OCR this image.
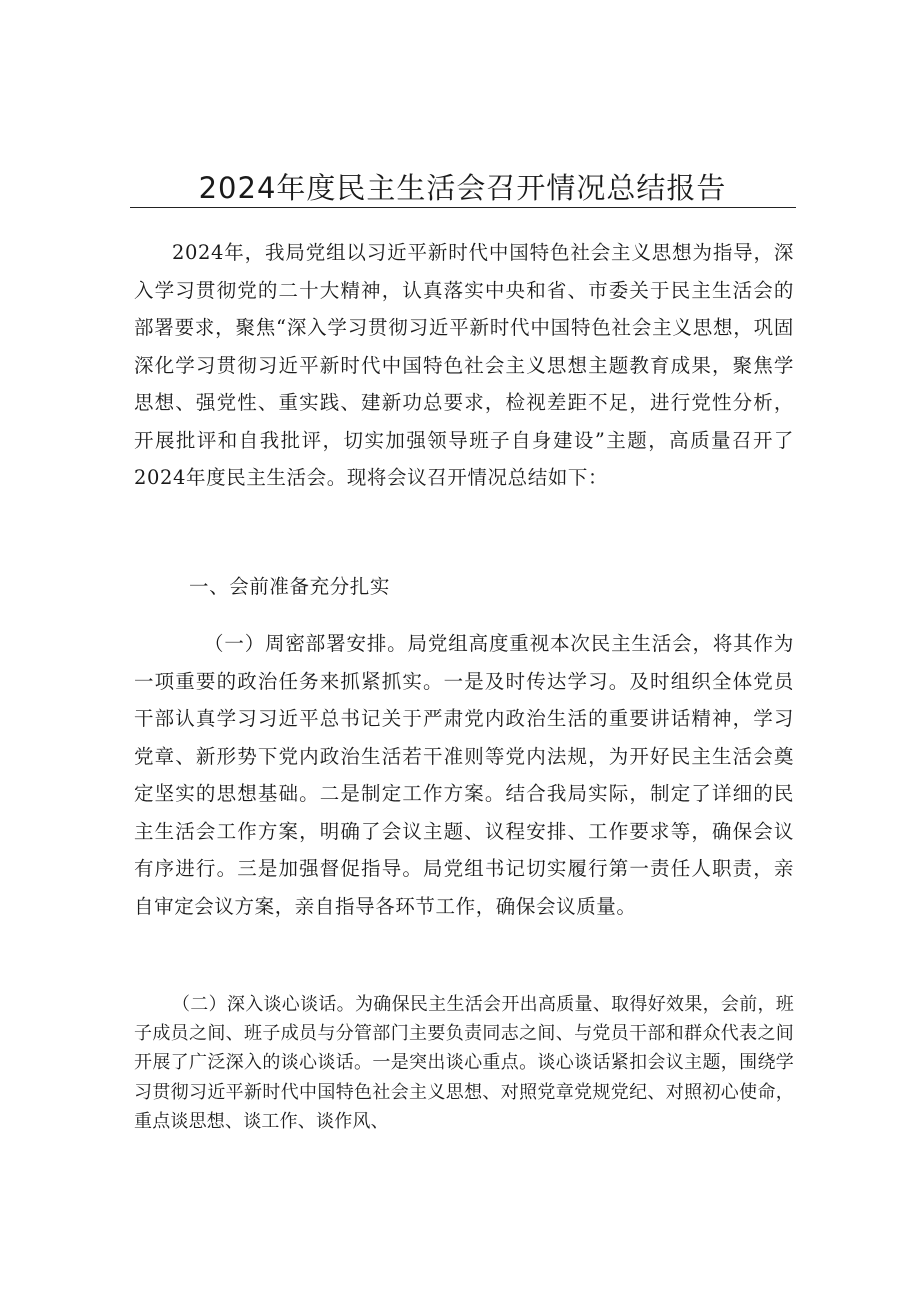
2024年度民主生活会召开情况总结报告

2024年，我局党组以习近平新时代中国特色社会主义思想为指导，深入学习贯彻党的二十大精神，认真落实中央和省、市委关于民主生活会的部署要求，聚焦“深入学习贯彻习近平新时代中国特色社会主义思想，巩固深化学习贯彻习近平新时代中国特色社会主义思想主题教育成果，聚焦学思想、强党性、重实践、建新功总要求，检视差距不足，进行党性分析，开展批评和自我批评，切实加强领导班子自身建设”主题，高质量召开了2024年度民主生活会。现将会议召开情况总结如下：

一、会前准备充分扎实

（一）周密部署安排。局党组高度重视本次民主生活会，将其作为一项重要的政治任务来抓紧抓实。一是及时传达学习。及时组织全体党员干部认真学习习近平总书记关于严肃党内政治生活的重要讲话精神，学习党章、新形势下党内政治生活若干准则等党内法规，为开好民主生活会奠定坚实的思想基础。二是制定工作方案。结合我局实际，制定了详细的民主生活会工作方案，明确了会议主题、议程安排、工作要求等，确保会议有序进行。三是加强督促指导。局党组书记切实履行第一责任人职责，亲自审定会议方案，亲自指导各环节工作，确保会议质量。

（二）深入谈心谈话。为确保民主生活会开出高质量、取得好效果，会前，班子成员之间、班子成员与分管部门主要负责同志之间、与党员干部和群众代表之间开展了广泛深入的谈心谈话。一是突出谈心重点。谈心谈话紧扣会议主题，围绕学习贯彻习近平新时代中国特色社会主义思想、对照党章党规党纪、对照初心使命，重点谈思想、谈工作、谈作风、
